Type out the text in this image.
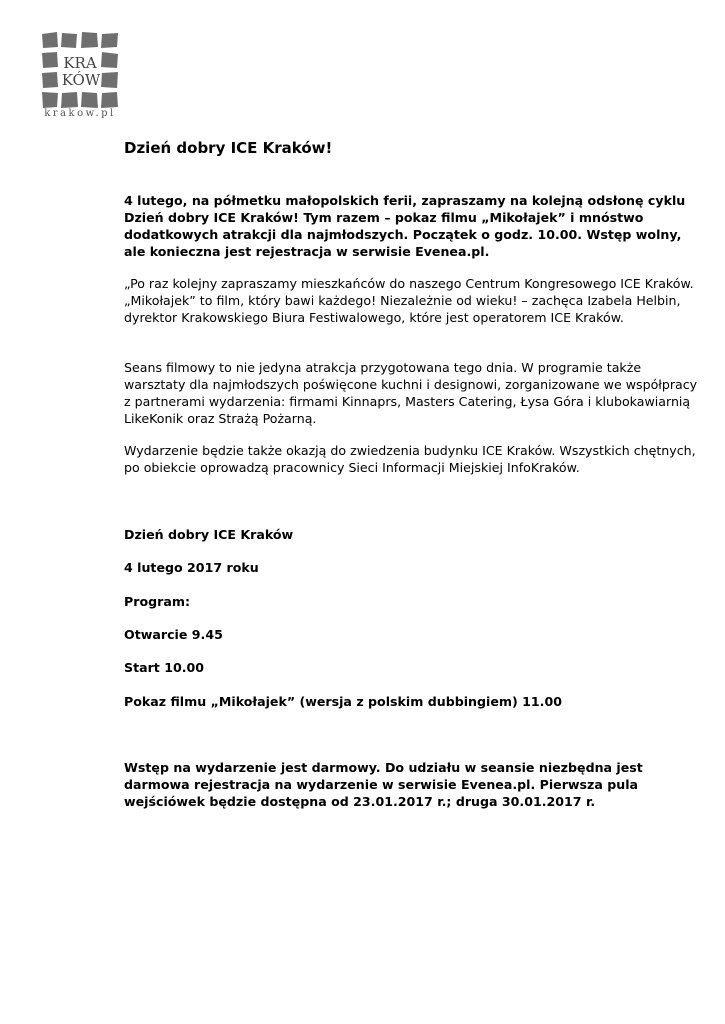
KRA
KÓW
krakow.pl
Dzień dobry ICE Kraków!

4 lutego, na półmetku małopolskich ferii, zapraszamy na kolejną odsłonę cyklu Dzień dobry ICE Kraków! Tym razem – pokaz filmu „Mikołajek” i mnóstwo dodatkowych atrakcji dla najmłodszych. Początek o godz. 10.00. Wstęp wolny, ale konieczna jest rejestracja w serwisie Evenea.pl.

„Po raz kolejny zapraszamy mieszkańców do naszego Centrum Kongresowego ICE Kraków. „Mikołajek” to film, który bawi każdego! Niezależnie od wieku! – zachęca Izabela Helbin, dyrektor Krakowskiego Biura Festiwalowego, które jest operatorem ICE Kraków.

Seans filmowy to nie jedyna atrakcja przygotowana tego dnia. W programie także warsztaty dla najmłodszych poświęcone kuchni i designowi, zorganizowane we współpracy z partnerami wydarzenia: firmami Kinnaprs, Masters Catering, Łysa Góra i klubokawiarnią LikeKonik oraz Strażą Pożarną.

Wydarzenie będzie także okazją do zwiedzenia budynku ICE Kraków. Wszystkich chętnych, po obiekcie oprowadzą pracownicy Sieci Informacji Miejskiej InfoKraków.

Dzień dobry ICE Kraków

4 lutego 2017 roku

Program:

Otwarcie 9.45

Start 10.00

Pokaz filmu „Mikołajek” (wersja z polskim dubbingiem) 11.00

Wstęp na wydarzenie jest darmowy. Do udziału w seansie niezbędna jest darmowa rejestracja na wydarzenie w serwisie Evenea.pl. Pierwsza pula wejściówek będzie dostępna od 23.01.2017 r.; druga 30.01.2017 r.
